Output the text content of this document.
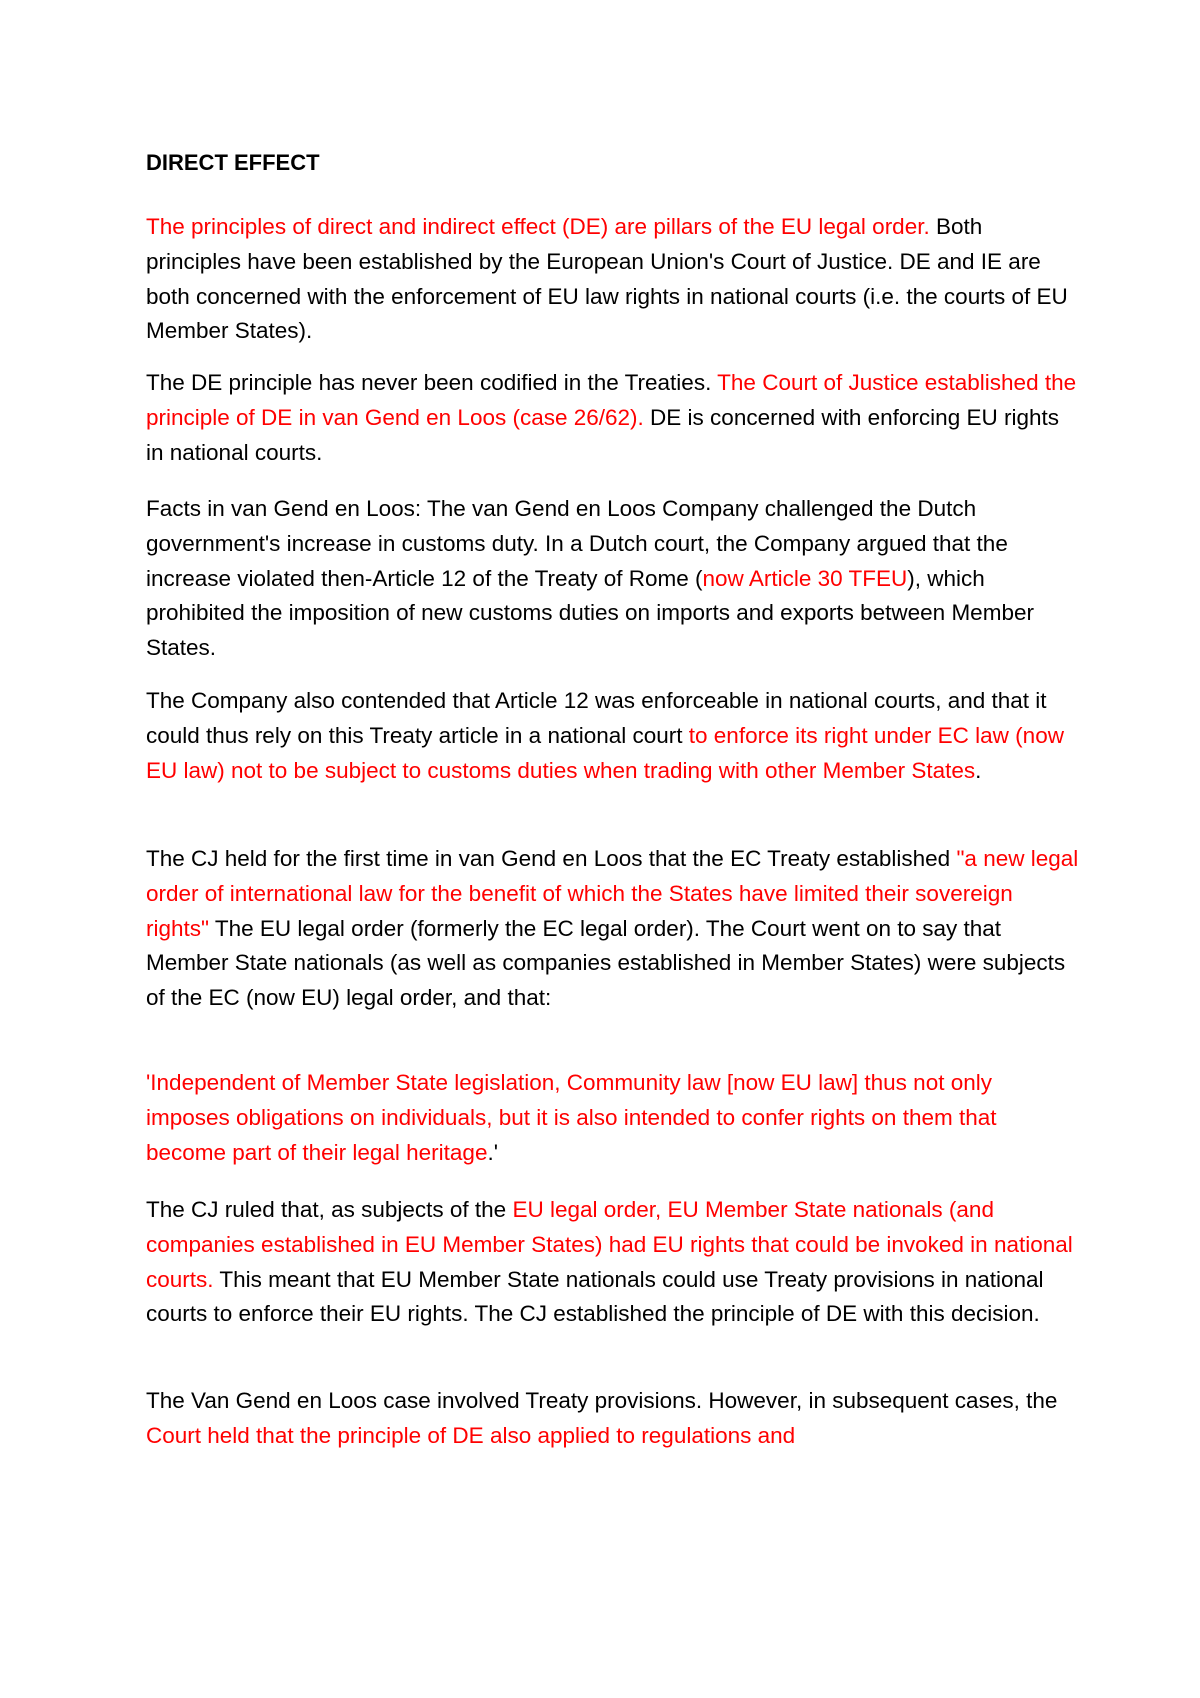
DIRECT EFFECT

The principles of direct and indirect effect (DE) are pillars of the EU legal order. Both principles have been established by the European Union's Court of Justice. DE and IE are both concerned with the enforcement of EU law rights in national courts (i.e. the courts of EU Member States).

The DE principle has never been codified in the Treaties. The Court of Justice established the principle of DE in van Gend en Loos (case 26/62). DE is concerned with enforcing EU rights in national courts.

Facts in van Gend en Loos: The van Gend en Loos Company challenged the Dutch government's increase in customs duty. In a Dutch court, the Company argued that the increase violated then-Article 12 of the Treaty of Rome (now Article 30 TFEU), which prohibited the imposition of new customs duties on imports and exports between Member States.

The Company also contended that Article 12 was enforceable in national courts, and that it could thus rely on this Treaty article in a national court to enforce its right under EC law (now EU law) not to be subject to customs duties when trading with other Member States.

The CJ held for the first time in van Gend en Loos that the EC Treaty established "a new legal order of international law for the benefit of which the States have limited their sovereign rights" The EU legal order (formerly the EC legal order). The Court went on to say that Member State nationals (as well as companies established in Member States) were subjects of the EC (now EU) legal order, and that:

'Independent of Member State legislation, Community law [now EU law] thus not only imposes obligations on individuals, but it is also intended to confer rights on them that become part of their legal heritage.'

The CJ ruled that, as subjects of the EU legal order, EU Member State nationals (and companies established in EU Member States) had EU rights that could be invoked in national courts. This meant that EU Member State nationals could use Treaty provisions in national courts to enforce their EU rights. The CJ established the principle of DE with this decision.

The Van Gend en Loos case involved Treaty provisions. However, in subsequent cases, the Court held that the principle of DE also applied to regulations and
